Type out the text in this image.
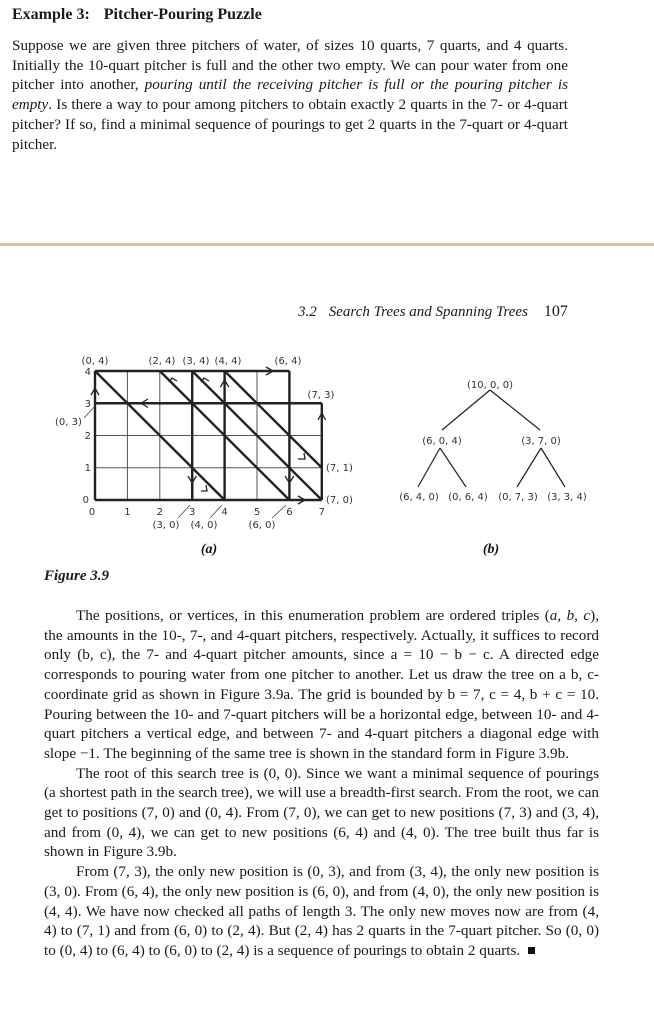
Example 3: Pitcher-Pouring Puzzle
Suppose we are given three pitchers of water, of sizes 10 quarts, 7 quarts, and 4 quarts. Initially the 10-quart pitcher is full and the other two empty. We can pour water from one pitcher into another, pouring until the receiving pitcher is full or the pouring pitcher is empty. Is there a way to pour among pitchers to obtain exactly 2 quarts in the 7- or 4-quart pitcher? If so, find a minimal sequence of pourings to get 2 quarts in the 7-quart or 4-quart pitcher.
3.2 Search Trees and Spanning Trees 107
0	1	2	3	4	5	6	7
0
1
2
3
4
(0, 4)	(2, 4) (3, 4) (4, 4)	(6, 4)
(7, 3)
(0, 3)
(7, 1)
(7, 0)
(3, 0) (4, 0)	(6, 0)
(a)
(10, 0, 0)
(6, 0, 4)	(3, 7, 0)
(6, 4, 0) (0, 6, 4) (0, 7, 3) (3, 3, 4)
(b)
Figure 3.9

The positions, or vertices, in this enumeration problem are ordered triples (a, b, c), the amounts in the 10-, 7-, and 4-quart pitchers, respectively. Actually, it suffices to record only (b, c), the 7- and 4-quart pitcher amounts, since a = 10 − b − c. A directed edge corresponds to pouring water from one pitcher to another. Let us draw the tree on a b, c-coordinate grid as shown in Figure 3.9a. The grid is bounded by b = 7, c = 4, b + c = 10. Pouring between the 10- and 7-quart pitchers will be a horizontal edge, between 10- and 4-quart pitchers a vertical edge, and between 7- and 4-quart pitchers a diagonal edge with slope −1. The beginning of the same tree is shown in the standard form in Figure 3.9b.

The root of this search tree is (0, 0). Since we want a minimal sequence of pourings (a shortest path in the search tree), we will use a breadth-first search. From the root, we can get to positions (7, 0) and (0, 4). From (7, 0), we can get to new positions (7, 3) and (3, 4), and from (0, 4), we can get to new positions (6, 4) and (4, 0). The tree built thus far is shown in Figure 3.9b.

From (7, 3), the only new position is (0, 3), and from (3, 4), the only new position is (3, 0). From (6, 4), the only new position is (6, 0), and from (4, 0), the only new position is (4, 4). We have now checked all paths of length 3. The only new moves now are from (4, 4) to (7, 1) and from (6, 0) to (2, 4). But (2, 4) has 2 quarts in the 7-quart pitcher. So (0, 0) to (0, 4) to (6, 4) to (6, 0) to (2, 4) is a sequence of pourings to obtain 2 quarts.
